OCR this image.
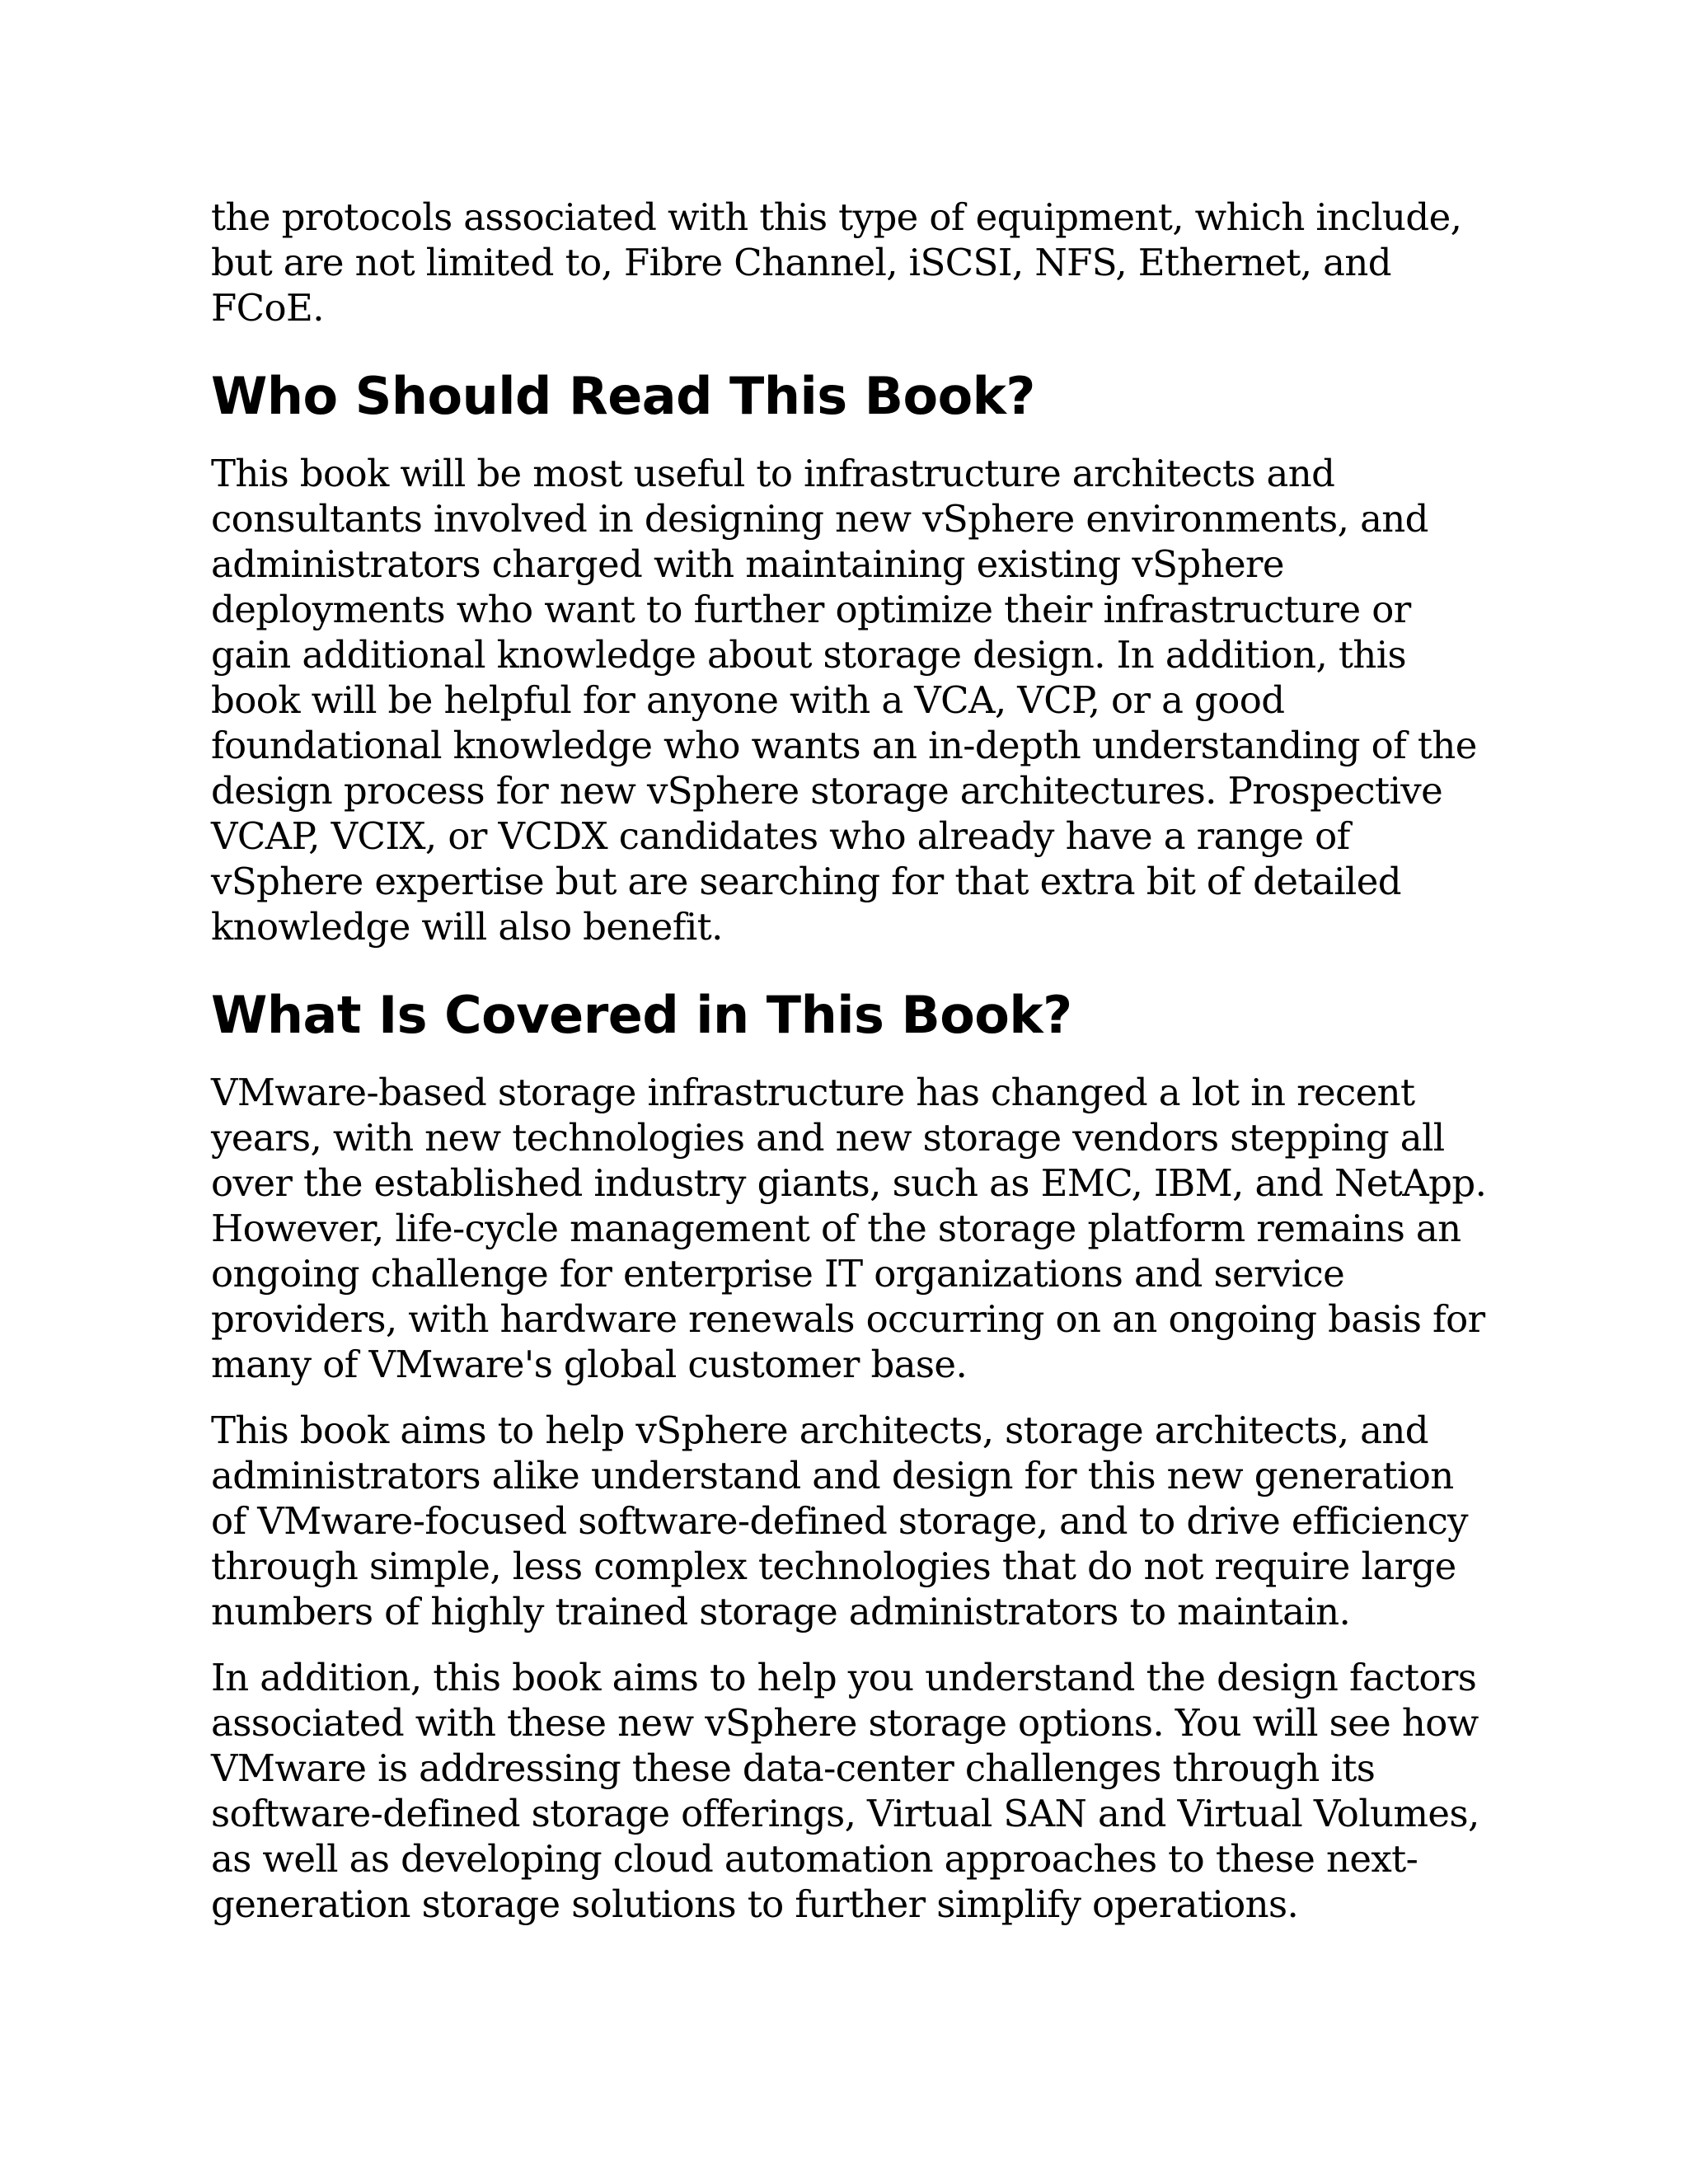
the protocols associated with this type of equipment, which include,
but are not limited to, Fibre Channel, iSCSI, NFS, Ethernet, and
FCoE.

Who Should Read This Book?

This book will be most useful to infrastructure architects and
consultants involved in designing new vSphere environments, and
administrators charged with maintaining existing vSphere
deployments who want to further optimize their infrastructure or
gain additional knowledge about storage design. In addition, this
book will be helpful for anyone with a VCA, VCP, or a good
foundational knowledge who wants an in-depth understanding of the
design process for new vSphere storage architectures. Prospective
VCAP, VCIX, or VCDX candidates who already have a range of
vSphere expertise but are searching for that extra bit of detailed
knowledge will also benefit.

What Is Covered in This Book?

VMware-based storage infrastructure has changed a lot in recent
years, with new technologies and new storage vendors stepping all
over the established industry giants, such as EMC, IBM, and NetApp.
However, life-cycle management of the storage platform remains an
ongoing challenge for enterprise IT organizations and service
providers, with hardware renewals occurring on an ongoing basis for
many of VMware's global customer base.

This book aims to help vSphere architects, storage architects, and
administrators alike understand and design for this new generation
of VMware-focused software-defined storage, and to drive efficiency
through simple, less complex technologies that do not require large
numbers of highly trained storage administrators to maintain.

In addition, this book aims to help you understand the design factors
associated with these new vSphere storage options. You will see how
VMware is addressing these data-center challenges through its
software-defined storage offerings, Virtual SAN and Virtual Volumes,
as well as developing cloud automation approaches to these next-
generation storage solutions to further simplify operations.
